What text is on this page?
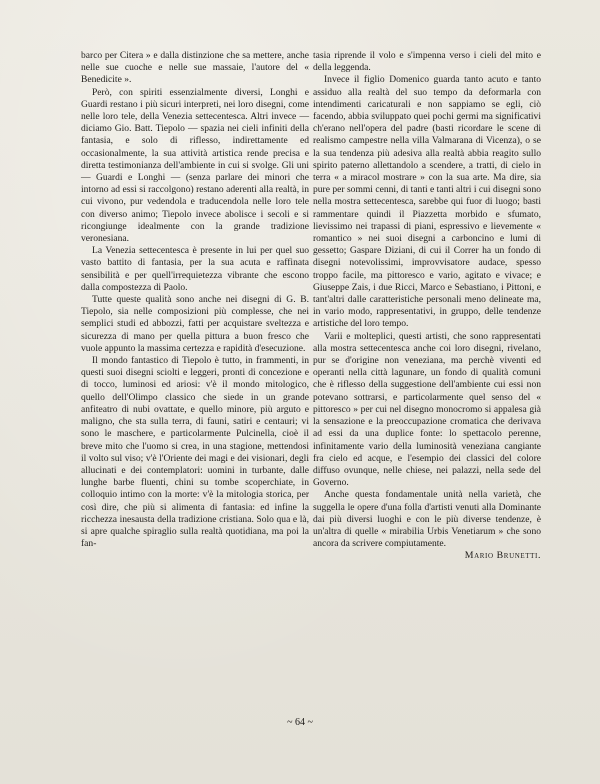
barco per Citera » e dalla distinzione che sa mettere, anche nelle sue cuoche e nelle sue massaie, l'autore del « Benedicite ».

Però, con spiriti essenzialmente diversi, Longhi e Guardi restano i più sicuri interpreti, nei loro disegni, come nelle loro tele, della Venezia settecentesca. Altri invece — diciamo Gio. Batt. Tiepolo — spazia nei cieli infiniti della fantasia, e solo di riflesso, indirettamente ed occasionalmente, la sua attività artistica rende precisa e diretta testimonianza dell'ambiente in cui si svolge. Gli uni — Guardi e Longhi — (senza parlare dei minori che intorno ad essi si raccolgono) restano aderenti alla realtà, in cui vivono, pur vedendola e traducendola nelle loro tele con diverso animo; Tiepolo invece abolisce i secoli e si ricongiunge idealmente con la grande tradizione veronesiana.

La Venezia settecentesca è presente in lui per quel suo vasto battito di fantasia, per la sua acuta e raffinata sensibilità e per quell'irrequietezza vibrante che escono dalla compostezza di Paolo.

Tutte queste qualità sono anche nei disegni di G. B. Tiepolo, sia nelle composizioni più complesse, che nei semplici studi ed abbozzi, fatti per acquistare sveltezza e sicurezza di mano per quella pittura a buon fresco che vuole appunto la massima certezza e rapidità d'esecuzione.

Il mondo fantastico di Tiepolo è tutto, in frammenti, in questi suoi disegni sciolti e leggeri, pronti di concezione e di tocco, luminosi ed ariosi: v'è il mondo mitologico, quello dell'Olimpo classico che siede in un grande anfiteatro di nubi ovattate, e quello minore, più arguto e maligno, che sta sulla terra, di fauni, satiri e centauri; vi sono le maschere, e particolarmente Pulcinella, cioè il breve mito che l'uomo si crea, in una stagione, mettendosi il volto sul viso; v'è l'Oriente dei magi e dei visionari, degli allucinati e dei contemplatori: uomini in turbante, dalle lunghe barbe fluenti, chini su tombe scoperchiate, in colloquio intimo con la morte: v'è la mitologia storica, per così dire, che più si alimenta di fantasia: ed infine la ricchezza inesausta della tradizione cristiana. Solo qua e là, si apre qualche spiraglio sulla realtà quotidiana, ma poi la fan-

tasia riprende il volo e s'impenna verso i cieli del mito e della leggenda.

Invece il figlio Domenico guarda tanto acuto e tanto assiduo alla realtà del suo tempo da deformarla con intendimenti caricaturali e non sappiamo se egli, ciò facendo, abbia sviluppato quei pochi germi ma significativi ch'erano nell'opera del padre (basti ricordare le scene di realismo campestre nella villa Valmarana di Vicenza), o se la sua tendenza più adesiva alla realtà abbia reagito sullo spirito paterno allettandolo a scendere, a tratti, di cielo in terra « a miracol mostrare » con la sua arte. Ma dire, sia pure per sommi cenni, di tanti e tanti altri i cui disegni sono nella mostra settecentesca, sarebbe qui fuor di luogo; basti rammentare quindi il Piazzetta morbido e sfumato, lievissimo nei trapassi di piani, espressivo e lievemente « romantico » nei suoi disegni a carboncino e lumi di gessetto; Gaspare Diziani, di cui il Correr ha un fondo di disegni notevolissimi, improvvisatore audace, spesso troppo facile, ma pittoresco e vario, agitato e vivace; e Giuseppe Zais, i due Ricci, Marco e Sebastiano, i Pittoni, e tant'altri dalle caratteristiche personali meno delineate ma, in vario modo, rappresentativi, in gruppo, delle tendenze artistiche del loro tempo.

Varii e molteplici, questi artisti, che sono rappresentati alla mostra settecentesca anche coi loro disegni, rivelano, pur se d'origine non veneziana, ma perchè viventi ed operanti nella città lagunare, un fondo di qualità comuni che è riflesso della suggestione dell'ambiente cui essi non potevano sottrarsi, e particolarmente quel senso del « pittoresco » per cui nel disegno monocromo si appalesa già la sensazione e la preoccupazione cromatica che derivava ad essi da una duplice fonte: lo spettacolo perenne, infinitamente vario della luminosità veneziana cangiante fra cielo ed acque, e l'esempio dei classici del colore diffuso ovunque, nelle chiese, nei palazzi, nella sede del Governo.

Anche questa fondamentale unità nella varietà, che suggella le opere d'una folla d'artisti venuti alla Dominante dai più diversi luoghi e con le più diverse tendenze, è un'altra di quelle « mirabilia Urbis Venetiarum » che sono ancora da scrivere compiutamente.

Mario Brunetti.

~ 64 ~
